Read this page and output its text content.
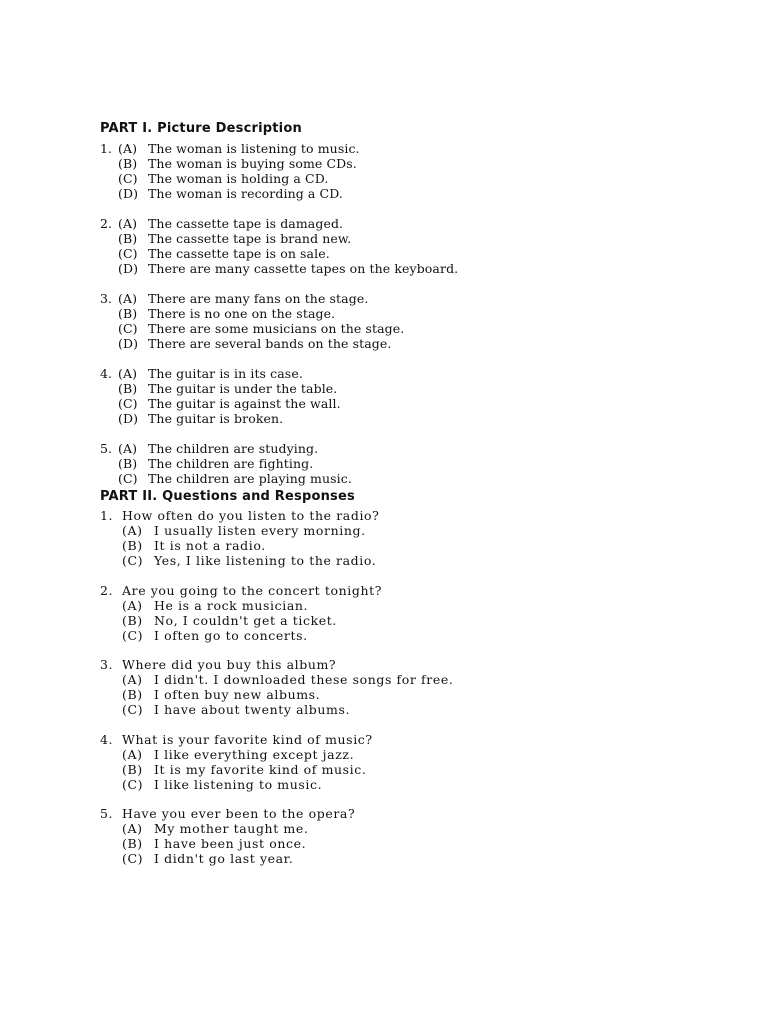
PART I. Picture Description
1. (A) The woman is listening to music.
(B) The woman is buying some CDs.
(C) The woman is holding a CD.
(D) The woman is recording a CD.
2. (A) The cassette tape is damaged.
(B) The cassette tape is brand new.
(C) The cassette tape is on sale.
(D) There are many cassette tapes on the keyboard.
3. (A) There are many fans on the stage.
(B) There is no one on the stage.
(C) There are some musicians on the stage.
(D) There are several bands on the stage.
4. (A) The guitar is in its case.
(B) The guitar is under the table.
(C) The guitar is against the wall.
(D) The guitar is broken.
5. (A) The children are studying.
(B) The children are fighting.
(C) The children are playing music.
PART II. Questions and Responses
1. How often do you listen to the radio?
(A) I usually listen every morning.
(B) It is not a radio.
(C) Yes, I like listening to the radio.
2. Are you going to the concert tonight?
(A) He is a rock musician.
(B) No, I couldn't get a ticket.
(C) I often go to concerts.
3. Where did you buy this album?
(A) I didn't. I downloaded these songs for free.
(B) I often buy new albums.
(C) I have about twenty albums.
4. What is your favorite kind of music?
(A) I like everything except jazz.
(B) It is my favorite kind of music.
(C) I like listening to music.
5. Have you ever been to the opera?
(A) My mother taught me.
(B) I have been just once.
(C) I didn't go last year.
